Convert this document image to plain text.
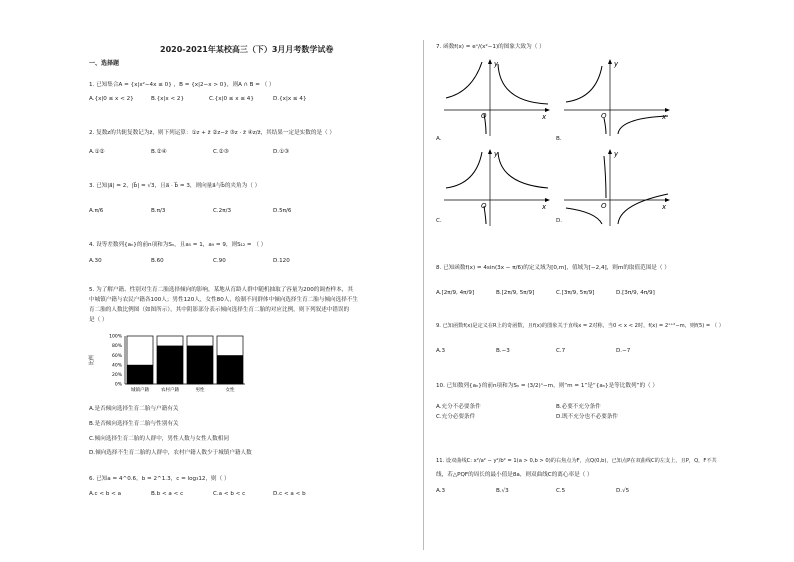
2020-2021年某校高三（下）3月月考数学试卷
一、选择题
1. 已知集合A = {x|x²−4x ≤ 0} ，B = {x|2−x > 0}，则A ∩ B = （ ）
A.{x|0 ≤ x < 2}	B.{x|x < 2}	C.{x|0 ≤ x ≤ 4}	D.{x|x ≤ 4}
2. 复数z的共轭复数记为z̄，则下列运算：①z + z̄ ②z−z̄ ③z · z̄ ④z/z̄，其结果一定是实数的是（ ）
A.①②	B.②④	C.②③	D.①③
3. 已知|a⃗| = 2，|b⃗| = √3，且a⃗ · b⃗ = 3，则向量a⃗与b⃗的夹角为（ ）
A.π/6	B.π/3	C.2π/3	D.5π/6
4. 设等差数列{aₙ}的前n项和为Sₙ，且a₅ = 1，a₉ = 9，则S₁₂ = （ ）
A.30	B.60	C.90	D.120
5. 为了解户籍、性别对生育二胎选择倾向的影响，某地从育龄人群中随机抽取了容量为200的调查样本，其
中城镇户籍与农民户籍各100人；男性120人，女性80人，绘制不同群体中倾向选择生育二胎与倾向选择不生
育二胎的人数比例图（如图所示），其中阴影部分表示倾向选择生育二胎的对应比例，则下列叙述中错误的
是（ ）
比例
0%
20%
40%
60%
80%
100%
城镇户籍	农村户籍	男性	女性
A.是否倾向选择生育二胎与户籍有关
B.是否倾向选择生育二胎与性别有关
C.倾向选择生育二胎的人群中，男性人数与女性人数相同
D.倾向选择不生育二胎的人群中，农村户籍人数少于城镇户籍人数
6. 已知a = 4^0.6，b = 2^1.3，c = log₃12，则（ ）
A.c < b < a	B.b < a < c	C.a < b < c	D.c < a < b
7. 函数f(x) = eˣ/(x²−1)的图象大致为（ ）
O	x
y
O	x
y
A.	B.
O	x
y
O	x
y
C.	D.
8. 已知函数f(x) = 4sin(3x − π/6)的定义域为[0,m]，值域为[−2,4]，则m的取值范围是（ ）
A.[2π/9, 4π/9]	B.[2π/9, 5π/9]	C.[3π/9, 5π/9]	D.[3π/9, 4π/9]
9. 已知函数f(x)是定义在R上的奇函数，且f(x)的图象关于直线x = 2对称，当0 < x < 2时，f(x) = 2ˣ⁺²−m，则f(5) = （ ）
A.3	B.−3	C.7	D.−7
10. 已知数列{aₙ}的前n项和为Sₙ = (3/2)ⁿ−m，则“m = 1”是“{aₙ}是等比数列”的（ ）
A.充分不必要条件	B.必要不充分条件
C.充分必要条件	D.既不充分也不必要条件
11. 设双曲线C: x²/a² − y²/b² = 1(a > 0,b > 0)的右焦点为F，点Q(0,b)，已知点P在双曲线C的左支上，且P，Q，F不共
线，若△PQF的周长的最小值是8a，则双曲线C的离心率是（ ）
A.3	B.√3	C.5	D.√5
